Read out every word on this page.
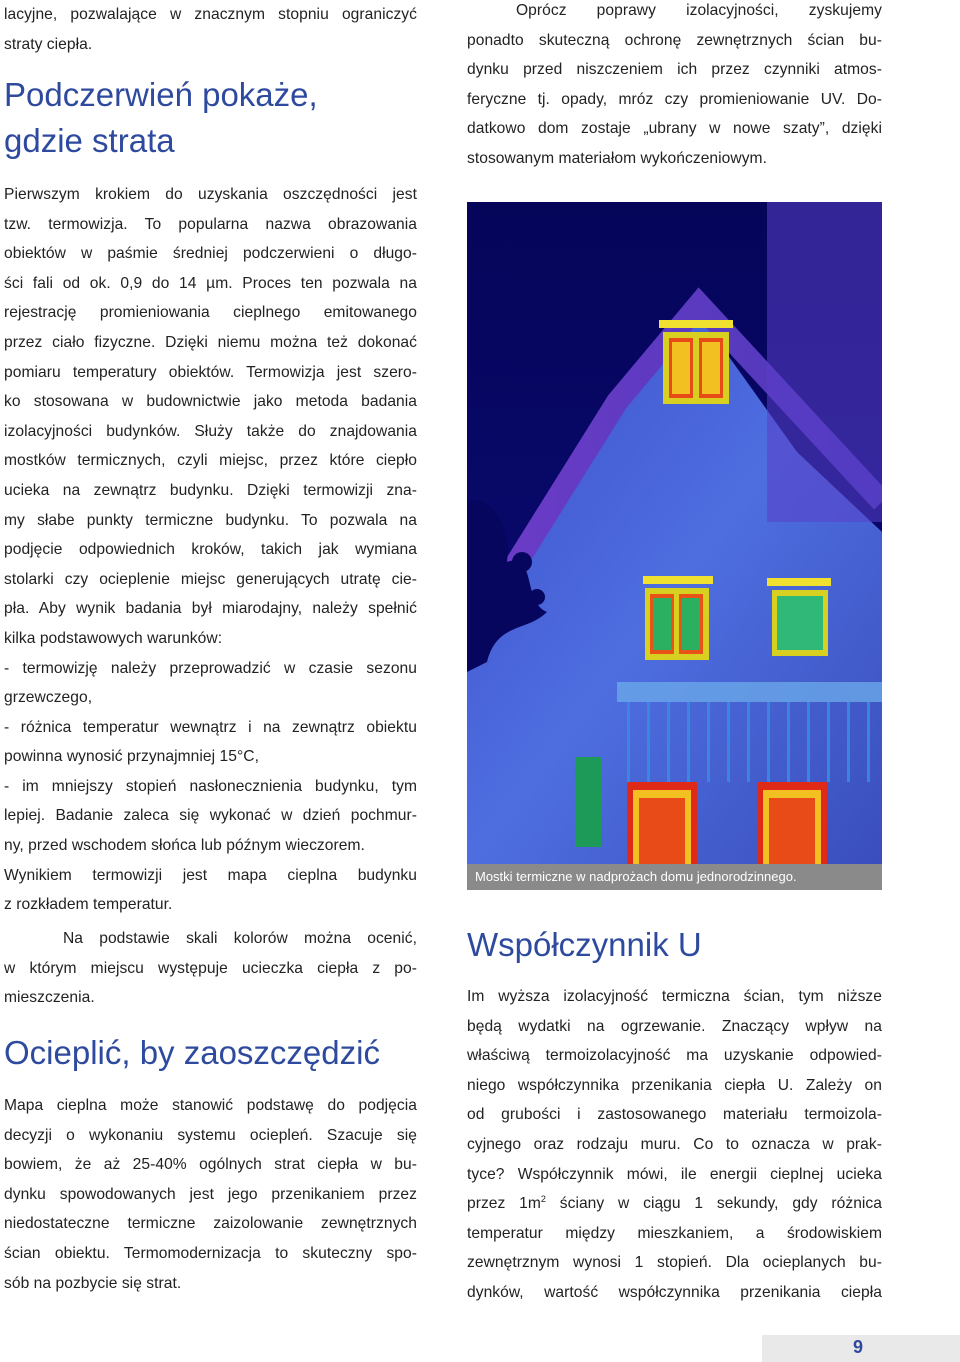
lacyjne, pozwalające w znacznym stopniu ograniczyć
straty ciepła.
Podczerwień pokaże,
gdzie strata
Pierwszym krokiem do uzyskania oszczędności jest
tzw. termowizja. To popularna nazwa obrazowania
obiektów w paśmie średniej podczerwieni o długo-
ści fali od ok. 0,9 do 14 µm. Proces ten pozwala na
rejestrację promieniowania cieplnego emitowanego
przez ciało fizyczne. Dzięki niemu można też dokonać
pomiaru temperatury obiektów. Termowizja jest szero-
ko stosowana w budownictwie jako metoda badania
izolacyjności budynków. Służy także do znajdowania
mostków termicznych, czyli miejsc, przez które ciepło
ucieka na zewnątrz budynku. Dzięki termowizji zna-
my słabe punkty termiczne budynku. To pozwala na
podjęcie odpowiednich kroków, takich jak wymiana
stolarki czy ocieplenie miejsc generujących utratę cie-
pła. Aby wynik badania był miarodajny, należy spełnić
kilka podstawowych warunków:
- termowizję należy przeprowadzić w czasie sezonu
grzewczego,
- różnica temperatur wewnątrz i na zewnątrz obiektu
powinna wynosić przynajmniej 15°C,
- im mniejszy stopień nasłonecznienia budynku, tym
lepiej. Badanie zaleca się wykonać w dzień pochmur-
ny, przed wschodem słońca lub późnym wieczorem.
Wynikiem termowizji jest mapa cieplna budynku
z rozkładem temperatur.
Na podstawie skali kolorów można ocenić,
w którym miejscu występuje ucieczka ciepła z po-
mieszczenia.
Ocieplić, by zaoszczędzić
Mapa cieplna może stanowić podstawę do podjęcia
decyzji o wykonaniu systemu ociepleń. Szacuje się
bowiem, że aż 25-40% ogólnych strat ciepła w bu-
dynku spowodowanych jest jego przenikaniem przez
niedostateczne termiczne zaizolowanie zewnętrznych
ścian obiektu. Termomodernizacja to skuteczny spo-
sób na pozbycie się strat.
Oprócz poprawy izolacyjności, zyskujemy
ponadto skuteczną ochronę zewnętrznych ścian bu-
dynku przed niszczeniem ich przez czynniki atmos-
feryczne tj. opady, mróz czy promieniowanie UV. Do-
datkowo dom zostaje „ubrany w nowe szaty”, dzięki
stosowanym materiałom wykończeniowym.
Współczynnik U
Im wyższa izolacyjność termiczna ścian, tym niższe
będą wydatki na ogrzewanie. Znaczący wpływ na
właściwą termoizolacyjność ma uzyskanie odpowied-
niego współczynnika przenikania ciepła U. Zależy on
od grubości i zastosowanego materiału termoizola-
cyjnego oraz rodzaju muru. Co to oznacza w prak-
tyce? Współczynnik mówi, ile energii cieplnej ucieka
przez $1m^2$ ściany w ciągu 1 sekundy, gdy różnica
temperatur między mieszkaniem, a środowiskiem
zewnętrznym wynosi 1 stopień. Dla ocieplanych bu-
dynków, wartość współczynnika przenikania ciepła
Mostki termiczne w nadprożach domu jednorodzinnego.
9
